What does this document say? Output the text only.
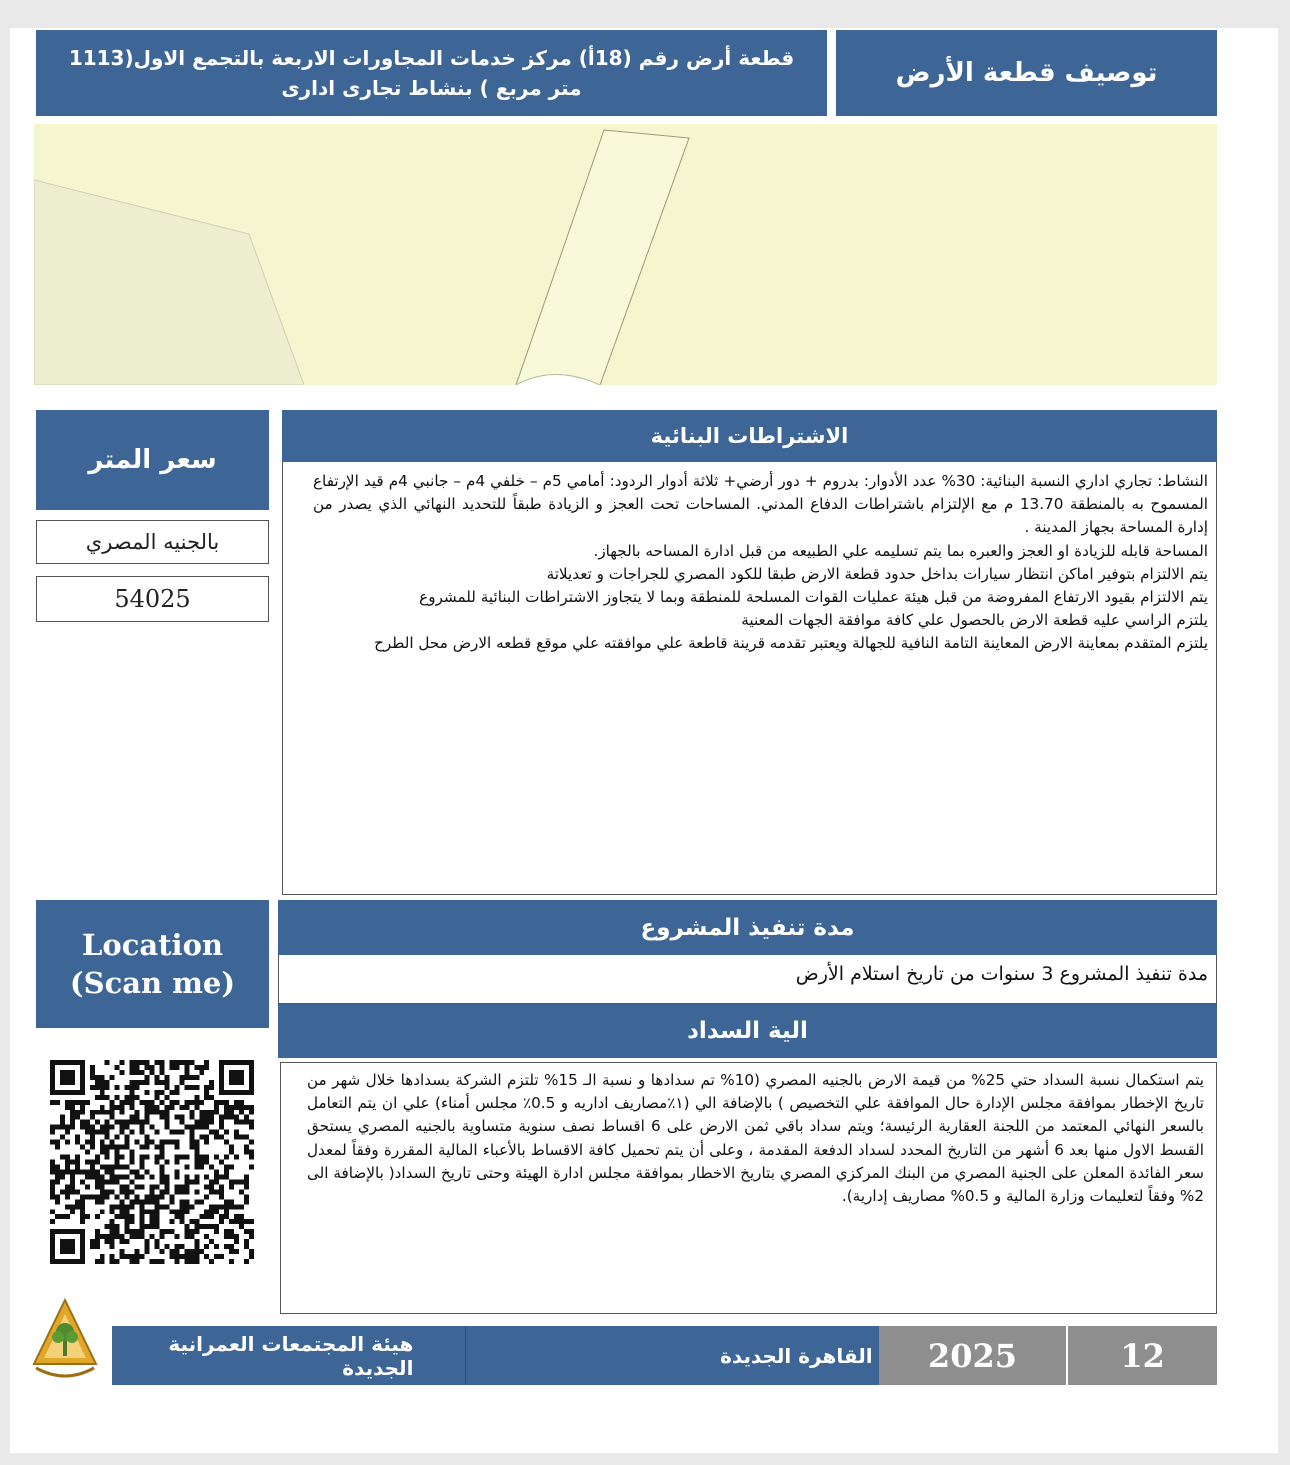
قطعة أرض رقم (18أ) مركز خدمات المجاورات الاربعة بالتجمع الاول(1113 متر مربع ) بنشاط تجارى ادارى	توصيف قطعة الأرض
سعر المتر
بالجنيه المصري
54025
الاشتراطات البنائية

النشاط: تجاري اداري النسبة البنائية: 30% عدد الأدوار: بدروم + دور أرضي+ ثلاثة أدوار الردود: أمامي 5م – خلفي 4م – جانبي 4م قيد الإرتفاع المسموح به بالمنطقة 13.70 م مع الإلتزام باشتراطات الدفاع المدني. المساحات تحت العجز و الزيادة طبقاً للتحديد النهائي الذي يصدر من إدارة المساحة بجهاز المدينة .

المساحة قابله للزيادة او العجز والعبره بما يتم تسليمه علي الطبيعه من قبل ادارة المساحه بالجهاز.

يتم الالتزام بتوفير اماكن انتظار سيارات بداخل حدود قطعة الارض طبقا للكود المصري للجراجات و تعديلاتة

يتم الالتزام بقيود الارتفاع المفروضة من قبل هيئة عمليات القوات المسلحة للمنطقة وبما لا يتجاوز الاشتراطات البنائية للمشروع

يلتزم الراسي عليه قطعة الارض بالحصول علي كافة موافقة الجهات المعنية

يلتزم المتقدم بمعاينة الارض المعاينة التامة النافية للجهالة ويعتبر تقدمه قرينة قاطعة علي موافقته علي موقع قطعه الارض محل الطرح

Location
(Scan me)
مدة تنفيذ المشروع
مدة تنفيذ المشروع 3 سنوات من تاريخ استلام الأرض
الية السداد
يتم استكمال نسبة السداد حتي 25% من قيمة الارض بالجنيه المصري (10% تم سدادها و نسبة الـ 15% تلتزم الشركة بسدادها خلال شهر من تاريخ الإخطار بموافقة مجلس الإدارة حال الموافقة علي التخصيص ) بالإضافة الي (١٪مصاريف اداريه و 0.5٪ مجلس أمناء) علي ان يتم التعامل بالسعر النهائي المعتمد من اللجنة العقارية الرئيسة؛ ويتم سداد باقي ثمن الارض على 6 اقساط نصف سنوية متساوية بالجنيه المصري يستحق القسط الاول منها بعد 6 أشهر من التاريخ المحدد لسداد الدفعة المقدمة ، وعلى أن يتم تحميل كافة الاقساط بالأعباء المالية المقررة وفقاً لمعدل سعر الفائدة المعلن على الجنية المصري من البنك المركزي المصري بتاريخ الاخطار بموافقة مجلس ادارة الهيئة وحتى تاريخ السداد( بالإضافة الى 2% وفقاً لتعليمات وزارة المالية و 0.5% مصاريف إدارية).
هيئة المجتمعات العمرانية الجديدة	القاهرة الجديدة	2025	12
